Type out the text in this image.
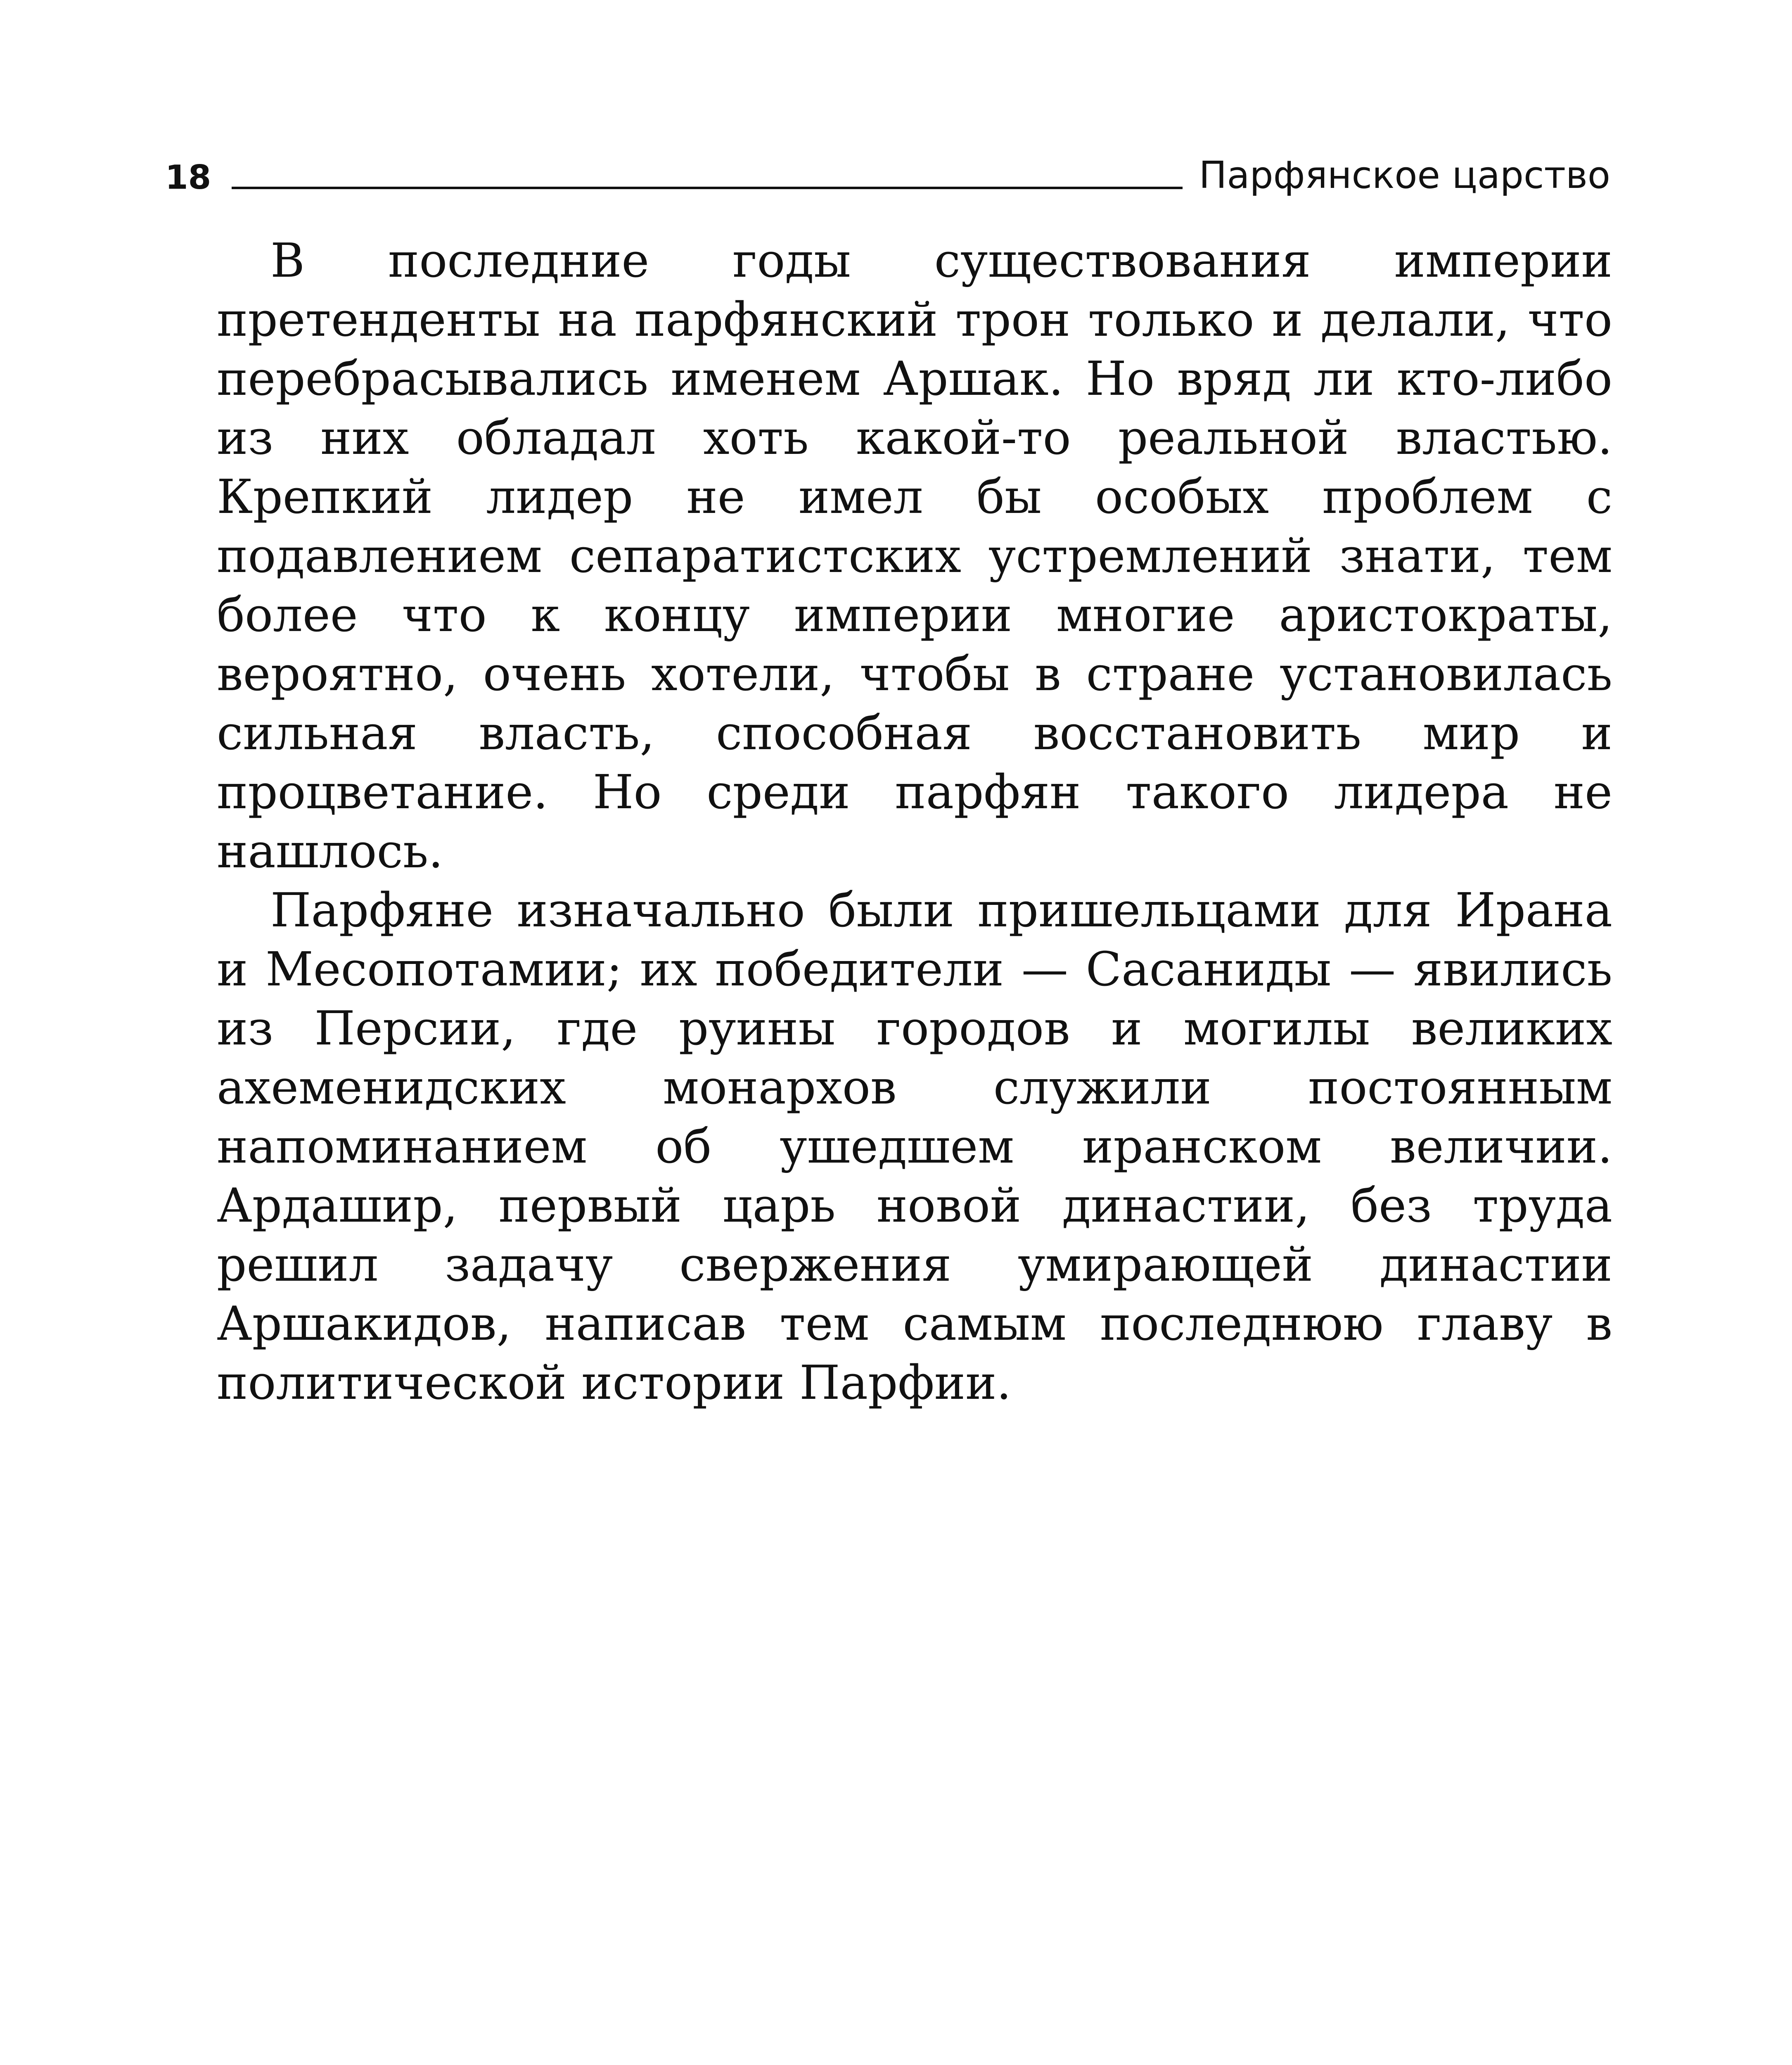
18	Парфянское царство

В последние годы существования империи претенденты на парфянский трон только и делали, что перебрасывались именем Аршак. Но вряд ли кто-либо из них обладал хоть какой-то реальной властью. Крепкий лидер не имел бы особых проблем с подавлением сепаратистских устремлений знати, тем более что к концу империи многие аристократы, вероятно, очень хотели, чтобы в стране установилась сильная власть, способная восстановить мир и процветание. Но среди парфян такого лидера не нашлось.

Парфяне изначально были пришельцами для Ирана и Месопотамии; их победители — Сасаниды — явились из Персии, где руины городов и могилы великих ахеменидских монархов служили постоянным напоминанием об ушедшем иранском величии. Ардашир, первый царь новой династии, без труда решил задачу свержения умирающей династии Аршакидов, написав тем самым последнюю главу в политической истории Парфии.
